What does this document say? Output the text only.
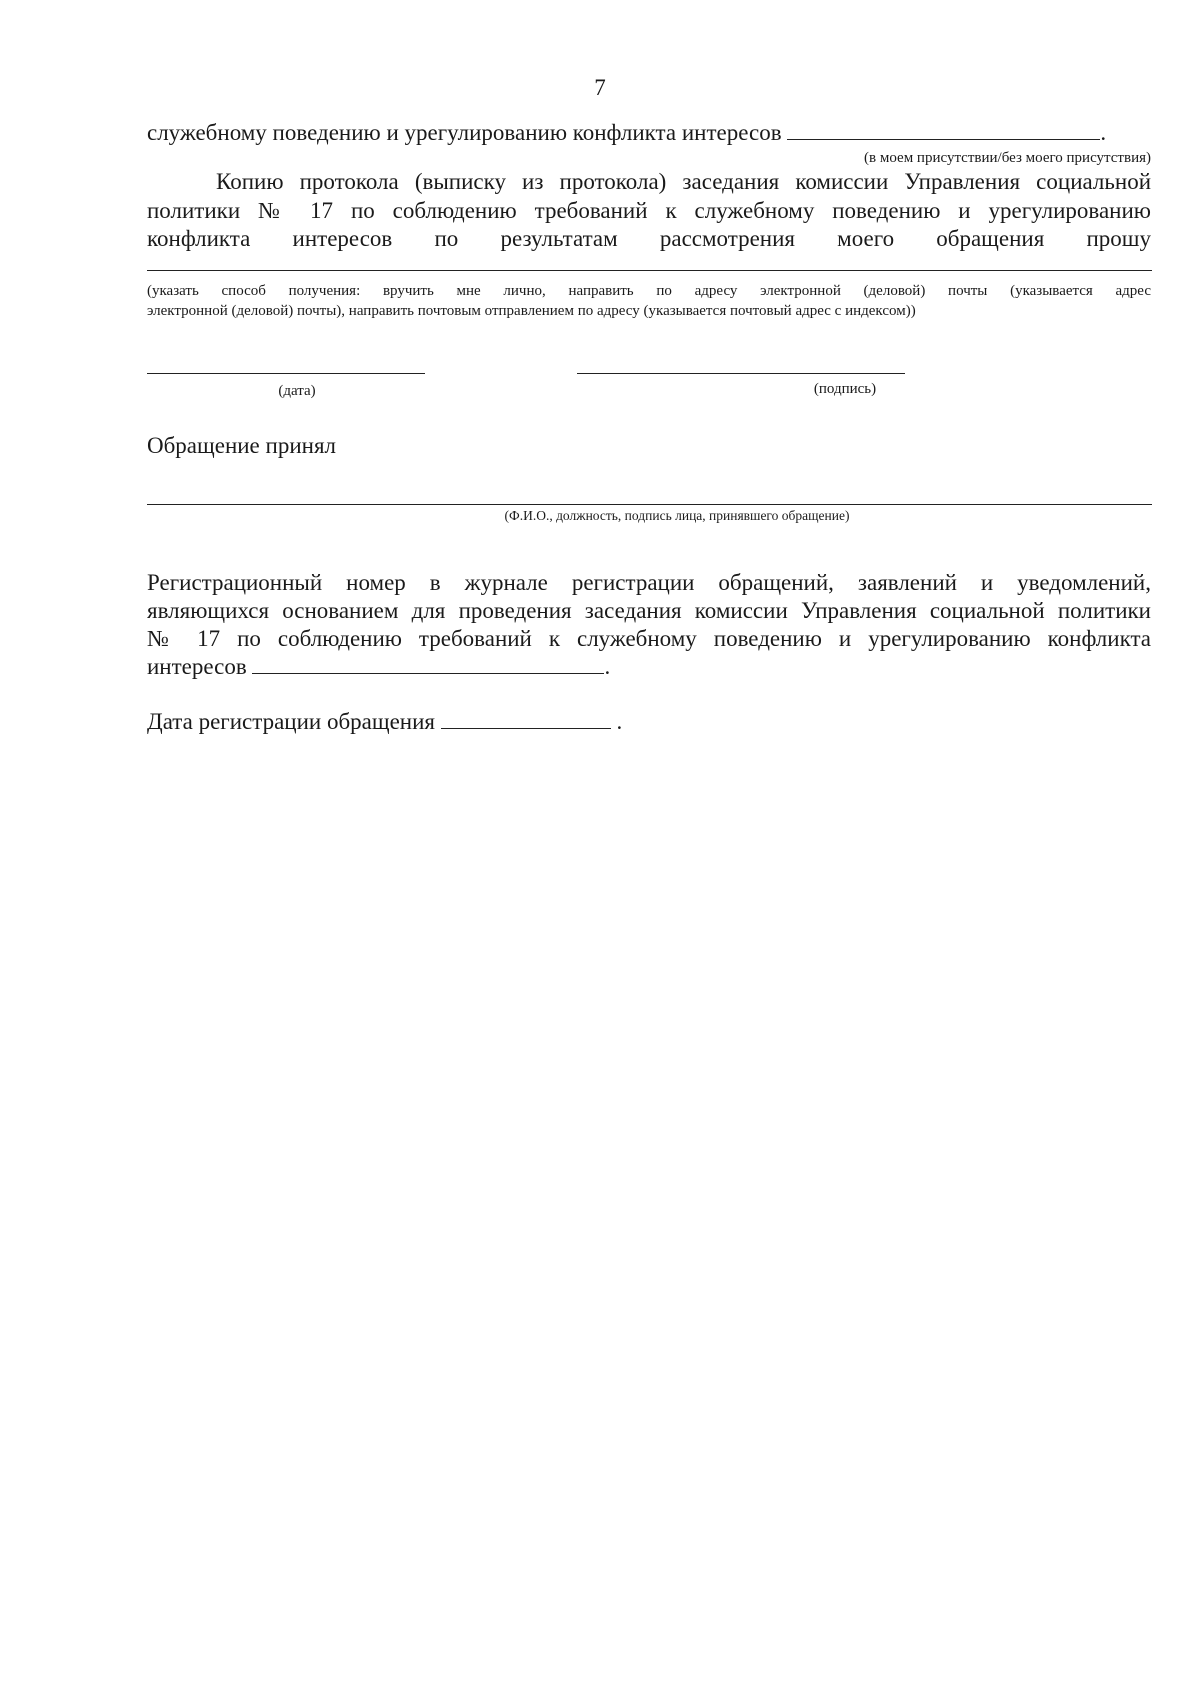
7
служебному поведению и урегулированию конфликта интересов	.
(в моем присутствии/без моего присутствия)
Копию протокола (выписку из протокола) заседания комиссии Управления социальной
политики № 17 по соблюдению требований к служебному поведению и урегулированию
конфликта интересов по результатам рассмотрения моего обращения прошу
(указать способ получения: вручить мне лично, направить по адресу электронной (деловой) почты (указывается адрес
электронной (деловой) почты), направить почтовым отправлением по адресу (указывается почтовый адрес с индексом))
(дата)	(подпись)
Обращение принял
(Ф.И.О., должность, подпись лица, принявшего обращение)
Регистрационный номер в журнале регистрации обращений, заявлений и уведомлений,
являющихся основанием для проведения заседания комиссии Управления социальной политики
№ 17 по соблюдению требований к служебному поведению и урегулированию конфликта
интересов	.
Дата регистрации обращения	.
